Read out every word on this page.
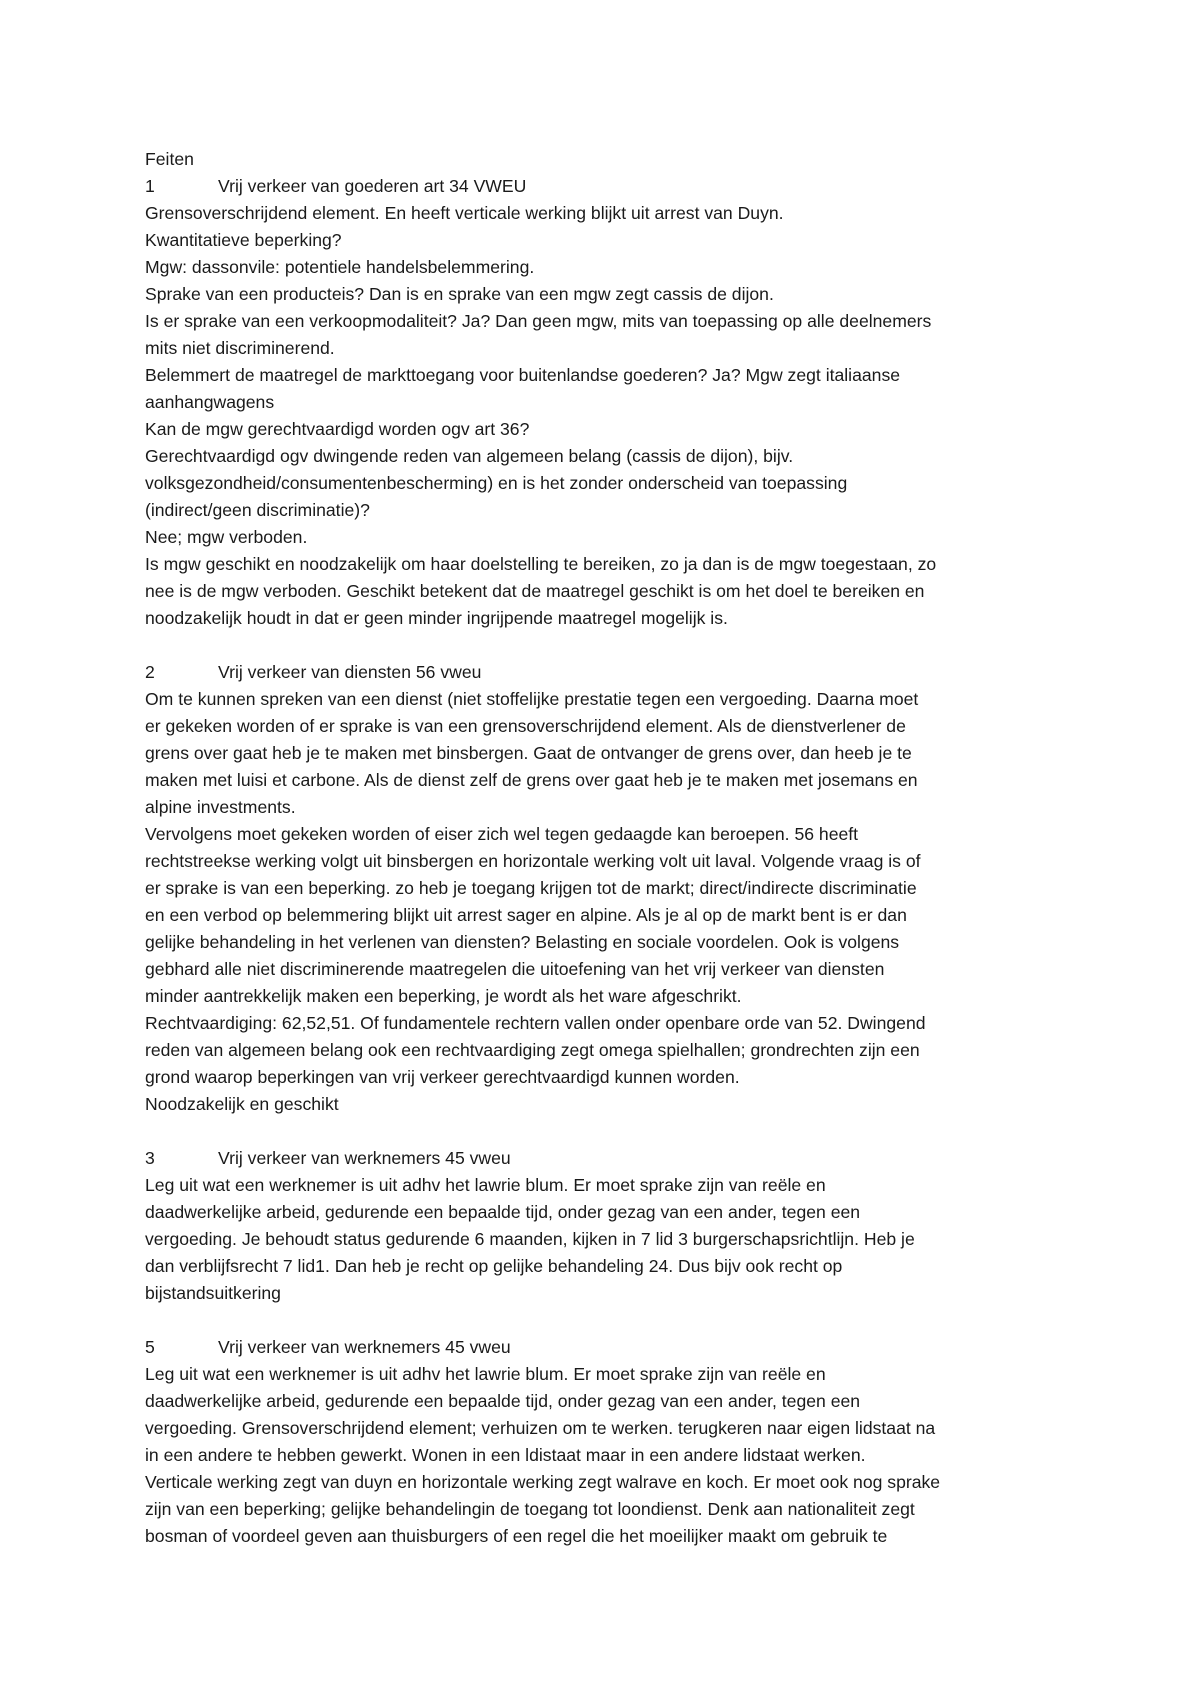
Feiten

1	Vrij verkeer van goederen art 34 VWEU

Grensoverschrijdend element. En heeft verticale werking blijkt uit arrest van Duyn.

Kwantitatieve beperking?

Mgw: dassonvile: potentiele handelsbelemmering.

Sprake van een producteis? Dan is en sprake van een mgw zegt cassis de dijon.

Is er sprake van een verkoopmodaliteit? Ja? Dan geen mgw, mits van toepassing op alle deelnemers

mits niet discriminerend.

Belemmert de maatregel de markttoegang voor buitenlandse goederen? Ja? Mgw zegt italiaanse

aanhangwagens

Kan de mgw gerechtvaardigd worden ogv art 36?

Gerechtvaardigd ogv dwingende reden van algemeen belang (cassis de dijon), bijv.

volksgezondheid/consumentenbescherming) en is het zonder onderscheid van toepassing

(indirect/geen discriminatie)?

Nee; mgw verboden.

Is mgw geschikt en noodzakelijk om haar doelstelling te bereiken, zo ja dan is de mgw toegestaan, zo

nee is de mgw verboden. Geschikt betekent dat de maatregel geschikt is om het doel te bereiken en

noodzakelijk houdt in dat er geen minder ingrijpende maatregel mogelijk is.

2	Vrij verkeer van diensten 56 vweu

Om te kunnen spreken van een dienst (niet stoffelijke prestatie tegen een vergoeding. Daarna moet

er gekeken worden of er sprake is van een grensoverschrijdend element. Als de dienstverlener de

grens over gaat heb je te maken met binsbergen. Gaat de ontvanger de grens over, dan heeb je te

maken met luisi et carbone. Als de dienst zelf de grens over gaat heb je te maken met josemans en

alpine investments.

Vervolgens moet gekeken worden of eiser zich wel tegen gedaagde kan beroepen. 56 heeft

rechtstreekse werking volgt uit binsbergen en horizontale werking volt uit laval. Volgende vraag is of

er sprake is van een beperking. zo heb je toegang krijgen tot de markt; direct/indirecte discriminatie

en een verbod op belemmering blijkt uit arrest sager en alpine. Als je al op de markt bent is er dan

gelijke behandeling in het verlenen van diensten? Belasting en sociale voordelen. Ook is volgens

gebhard alle niet discriminerende maatregelen die uitoefening van het vrij verkeer van diensten

minder aantrekkelijk maken een beperking, je wordt als het ware afgeschrikt.

Rechtvaardiging: 62,52,51. Of fundamentele rechtern vallen onder openbare orde van 52. Dwingend

reden van algemeen belang ook een rechtvaardiging zegt omega spielhallen; grondrechten zijn een

grond waarop beperkingen van vrij verkeer gerechtvaardigd kunnen worden.

Noodzakelijk en geschikt

3	Vrij verkeer van werknemers 45 vweu

Leg uit wat een werknemer is uit adhv het lawrie blum. Er moet sprake zijn van reële en

daadwerkelijke arbeid, gedurende een bepaalde tijd, onder gezag van een ander, tegen een

vergoeding. Je behoudt status gedurende 6 maanden, kijken in 7 lid 3 burgerschapsrichtlijn. Heb je

dan verblijfsrecht 7 lid1. Dan heb je recht op gelijke behandeling 24. Dus bijv ook recht op

bijstandsuitkering

5	Vrij verkeer van werknemers 45 vweu

Leg uit wat een werknemer is uit adhv het lawrie blum. Er moet sprake zijn van reële en

daadwerkelijke arbeid, gedurende een bepaalde tijd, onder gezag van een ander, tegen een

vergoeding. Grensoverschrijdend element; verhuizen om te werken. terugkeren naar eigen lidstaat na

in een andere te hebben gewerkt. Wonen in een ldistaat maar in een andere lidstaat werken.

Verticale werking zegt van duyn en horizontale werking zegt walrave en koch. Er moet ook nog sprake

zijn van een beperking; gelijke behandelingin de toegang tot loondienst. Denk aan nationaliteit zegt

bosman of voordeel geven aan thuisburgers of een regel die het moeilijker maakt om gebruik te
